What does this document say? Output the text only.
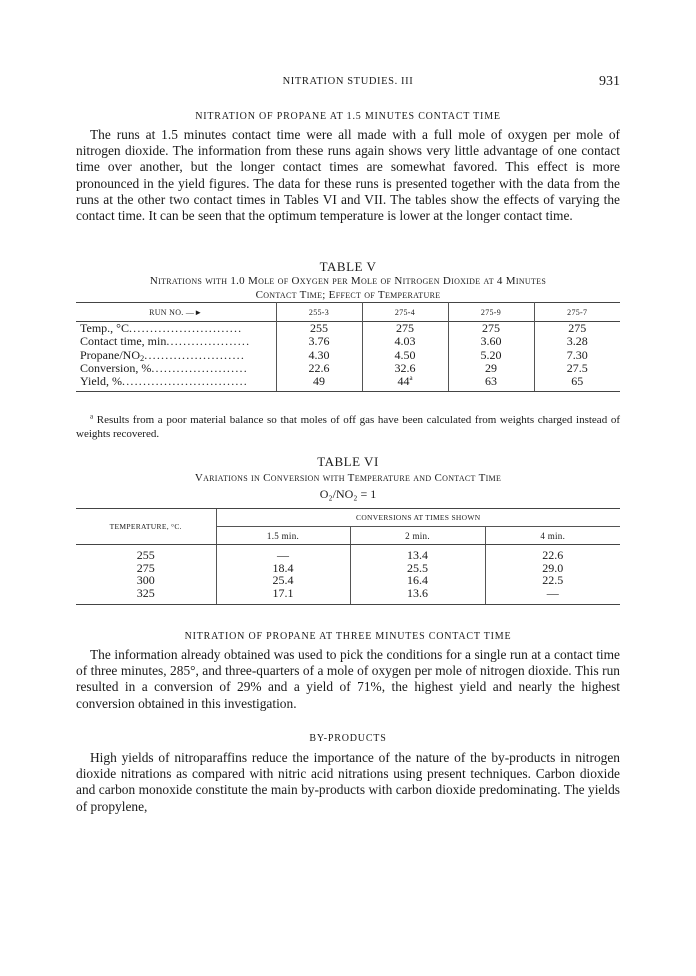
NITRATION STUDIES. III	931
NITRATION OF PROPANE AT 1.5 MINUTES CONTACT TIME

The runs at 1.5 minutes contact time were all made with a full mole of oxygen per mole of nitrogen dioxide. The information from these runs again shows very little advantage of one contact time over another, but the longer contact times are somewhat favored. This effect is more pronounced in the yield figures. The data for these runs is presented together with the data from the runs at the other two contact times in Tables VI and VII. The tables show the effects of varying the contact time. It can be seen that the optimum temperature is lower at the longer contact time.

TABLE V
Nitrations with 1.0 Mole of Oxygen per Mole of Nitrogen Dioxide at 4 Minutes
Contact Time; Effect of Temperature
RUN NO. —►	255-3	275-4	275-9	275-7
Temp., °C...........................	255	275	275	275
Contact time, min....................	3.76	4.03	3.60	3.28
Propane/$NO_2$........................	4.30	4.50	5.20	7.30
Conversion, %.......................	22.6	32.6	29	27.5
Yield, %..............................	49	44$^a$	63	65
$^a$ Results from a poor material balance so that moles of off gas have been calculated from weights charged instead of weights recovered.
TABLE VI
Variations in Conversion with Temperature and Contact Time
O₂/NO₂ = 1
TEMPERATURE, °C.	CONVERSIONS AT TIMES SHOWN		
	1.5 min.	2 min.	4 min.
255	—	13.4	22.6
275	18.4	25.5	29.0
300	25.4	16.4	22.5
325	17.1	13.6	—
NITRATION OF PROPANE AT THREE MINUTES CONTACT TIME

The information already obtained was used to pick the conditions for a single run at a contact time of three minutes, 285°, and three-quarters of a mole of oxygen per mole of nitrogen dioxide. This run resulted in a conversion of 29% and a yield of 71%, the highest yield and nearly the highest conversion obtained in this investigation.

BY-PRODUCTS

High yields of nitroparaffins reduce the importance of the nature of the by-products in nitrogen dioxide nitrations as compared with nitric acid nitrations using present techniques. Carbon dioxide and carbon monoxide constitute the main by-products with carbon dioxide predominating. The yields of propylene,
